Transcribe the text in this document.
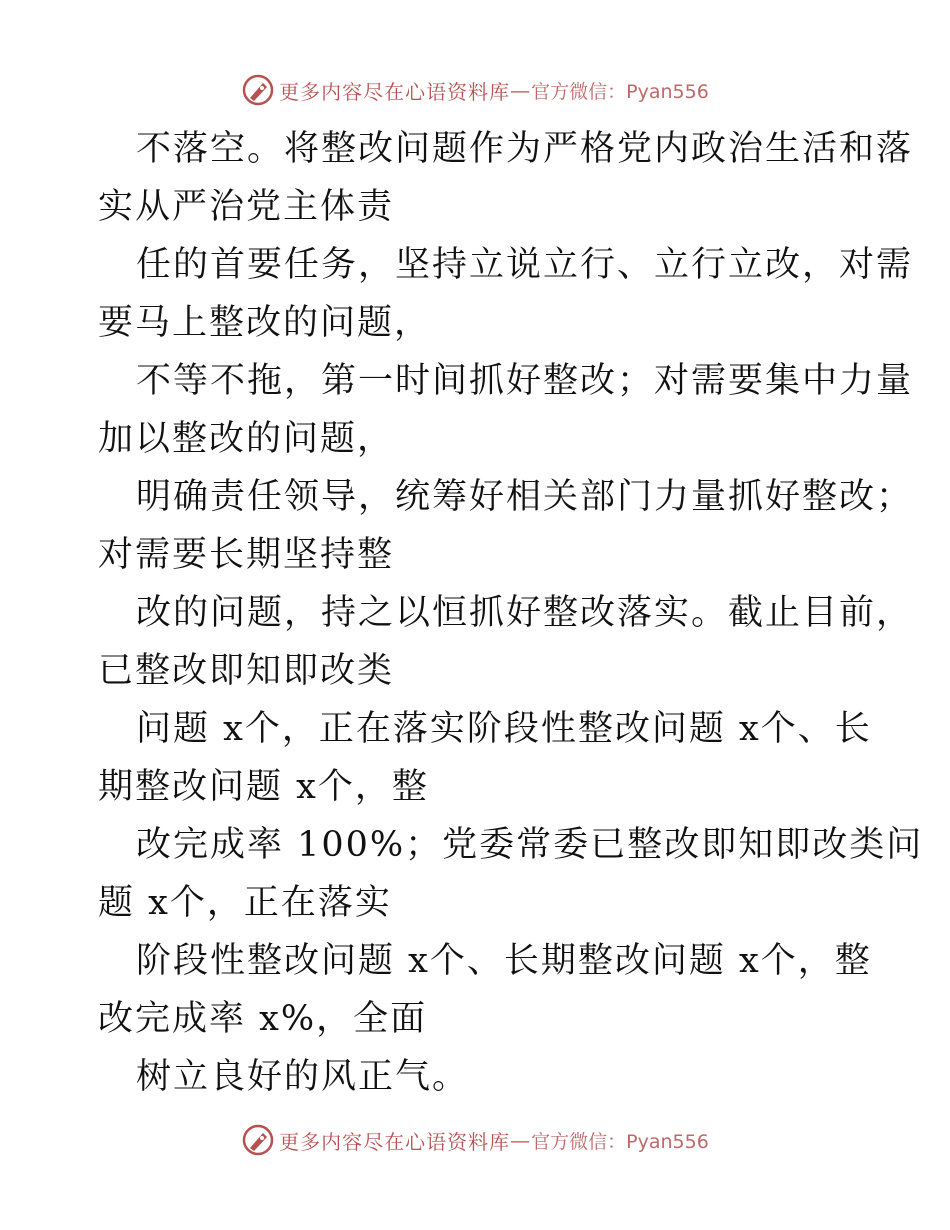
更多内容尽在心语资料库 — 官方微信：Pyan556

不落空。将整改问题作为严格党内政治生活和落
实从严治党主体责

任的首要任务，坚持立说立行、立行立改，对需
要马上整改的问题，

不等不拖，第一时间抓好整改；对需要集中力量
加以整改的问题，

明确责任领导，统筹好相关部门力量抓好整改；
对需要长期坚持整

改的问题，持之以恒抓好整改落实。截止目前，
已整改即知即改类

问题 x个，正在落实阶段性整改问题 x个、长
期整改问题 x个，整

改完成率 100%；党委常委已整改即知即改类问
题 x个，正在落实

阶段性整改问题 x个、长期整改问题 x个，整
改完成率 x%，全面

树立良好的风正气。

更多内容尽在心语资料库 — 官方微信：Pyan556
